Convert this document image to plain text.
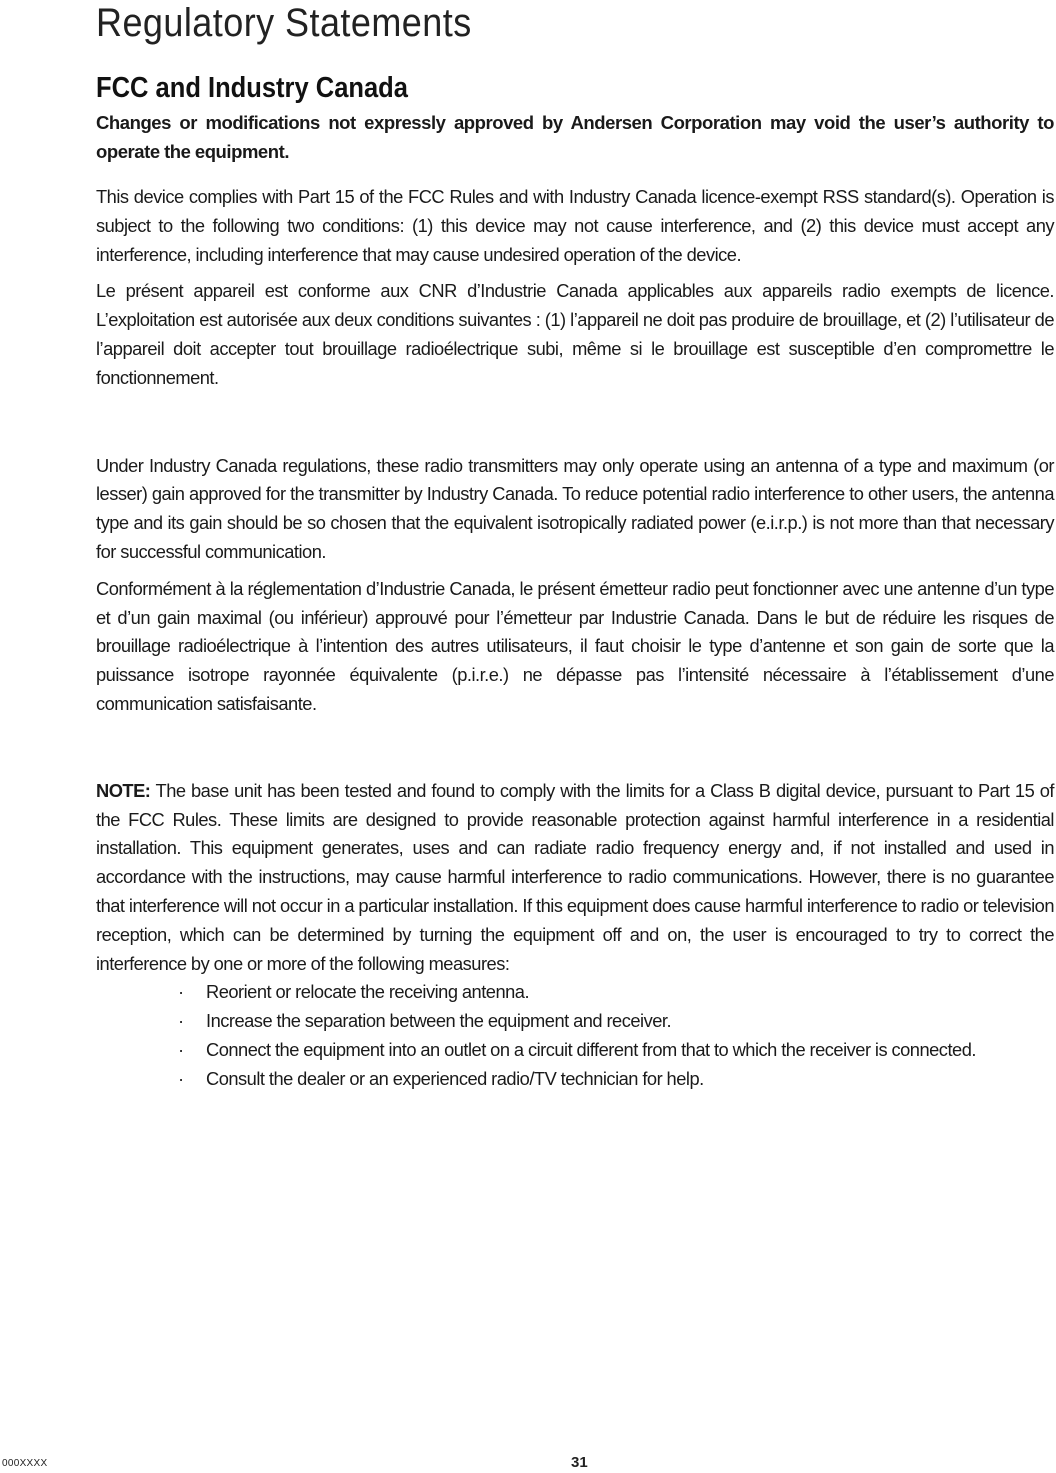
Regulatory Statements
FCC and Industry Canada

Changes or modifications not expressly approved by Andersen Corporation may void the user’s authority to operate the equipment.

This device complies with Part 15 of the FCC Rules and with Industry Canada licence-exempt RSS standard(s). Operation is subject to the following two conditions: (1) this device may not cause interference, and (2) this device must accept any interference, including interference that may cause undesired operation of the device.

Le présent appareil est conforme aux CNR d’Industrie Canada applicables aux appareils radio exempts de licence. L’exploitation est autorisée aux deux conditions suivantes : (1) l’appareil ne doit pas produire de brouillage, et (2) l’utilisateur de l’appareil doit accepter tout brouillage radioélectrique subi, même si le brouillage est susceptible d’en compromettre le fonctionnement.

Under Industry Canada regulations, these radio transmitters may only operate using an antenna of a type and maximum (or lesser) gain approved for the transmitter by Industry Canada. To reduce potential radio interference to other users, the antenna type and its gain should be so chosen that the equivalent isotropically radiated power (e.i.r.p.) is not more than that necessary for successful communication.

Conformément à la réglementation d’Industrie Canada, le présent émetteur radio peut fonctionner avec une antenne d’un type et d’un gain maximal (ou inférieur) approuvé pour l’émetteur par Industrie Canada. Dans le but de réduire les risques de brouillage radioélectrique à l’intention des autres utilisateurs, il faut choisir le type d’antenne et son gain de sorte que la puissance isotrope rayonnée équivalente (p.i.r.e.) ne dépasse pas l’intensité nécessaire à l’établissement d’une communication satisfaisante.

NOTE: The base unit has been tested and found to comply with the limits for a Class B digital device, pursuant to Part 15 of the FCC Rules. These limits are designed to provide reasonable protection against harmful interference in a residential installation. This equipment generates, uses and can radiate radio frequency energy and, if not installed and used in accordance with the instructions, may cause harmful interference to radio communications. However, there is no guarantee that interference will not occur in a particular installation. If this equipment does cause harmful interference to radio or television reception, which can be determined by turning the equipment off and on, the user is encouraged to try to correct the interference by one or more of the following measures:

· Reorient or relocate the receiving antenna.
· Increase the separation between the equipment and receiver.
· Connect the equipment into an outlet on a circuit different from that to which the receiver is connected.
· Consult the dealer or an experienced radio/TV technician for help.
000XXXX	31
